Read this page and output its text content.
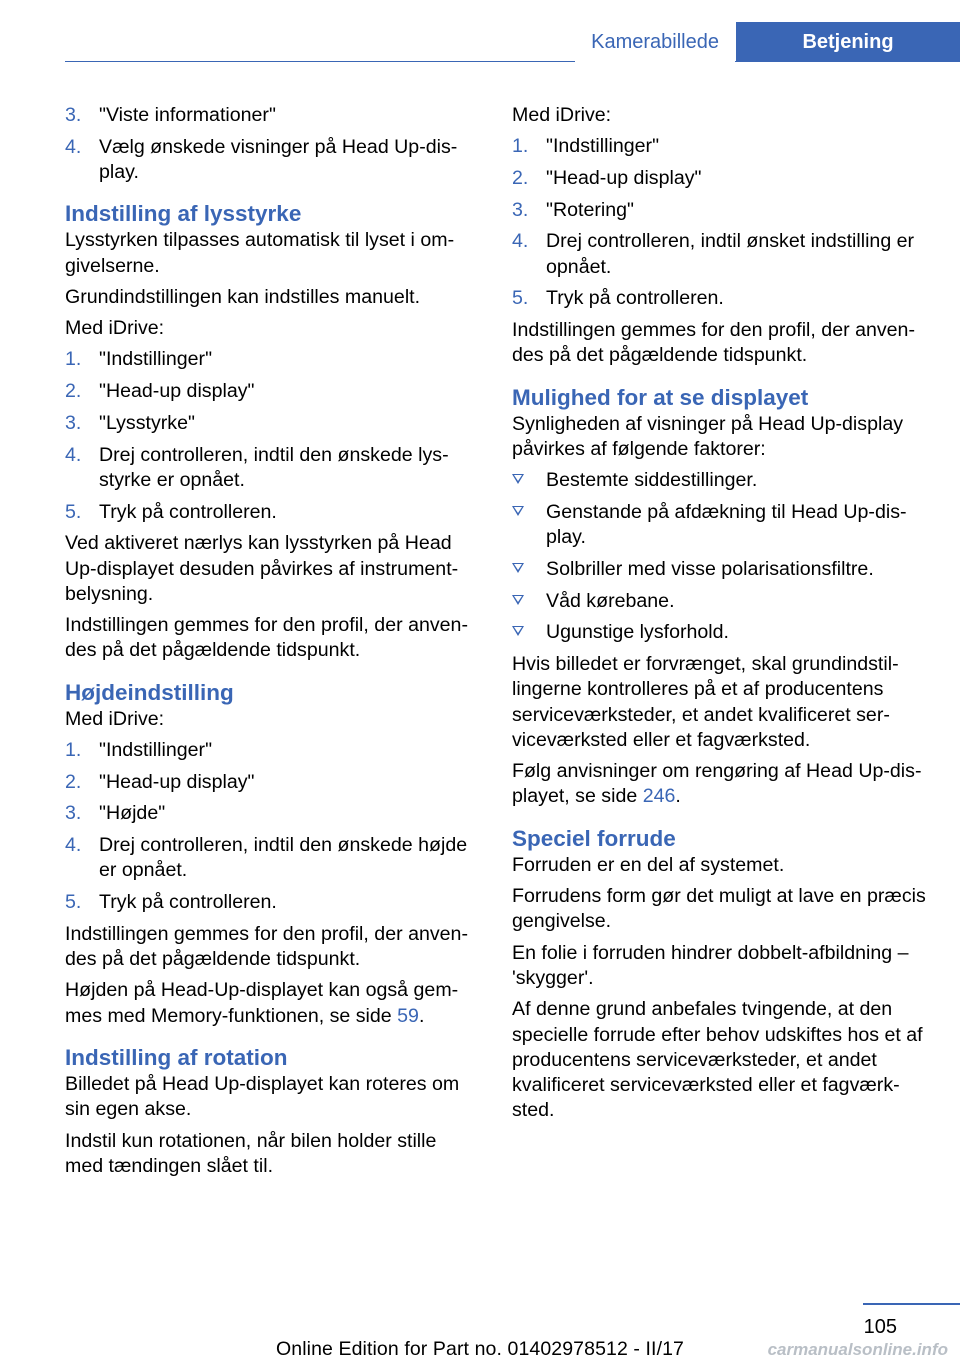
Kamerabillede	Betjening
3. "Viste informationer"
4. Vælg ønskede visninger på Head Up-display.
Indstilling af lysstyrke

Lysstyrken tilpasses automatisk til lyset i omgivelserne.

Grundindstillingen kan indstilles manuelt.

Med iDrive:

1. "Indstillinger"
2. "Head-up display"
3. "Lysstyrke"
4. Drej controlleren, indtil den ønskede lysstyrke er opnået.
5. Tryk på controlleren.

Ved aktiveret nærlys kan lysstyrken på Head Up-displayet desuden påvirkes af instrumentbelysning.

Indstillingen gemmes for den profil, der anvendes på det pågældende tidspunkt.

Højdeindstilling

Med iDrive:

1. "Indstillinger"
2. "Head-up display"
3. "Højde"
4. Drej controlleren, indtil den ønskede højde er opnået.
5. Tryk på controlleren.

Indstillingen gemmes for den profil, der anvendes på det pågældende tidspunkt.

Højden på Head-Up-displayet kan også gemmes med Memory-funktionen, se side 59.

Indstilling af rotation

Billedet på Head Up-displayet kan roteres om sin egen akse.

Indstil kun rotationen, når bilen holder stille med tændingen slået til.

Med iDrive:

1. "Indstillinger"
2. "Head-up display"
3. "Rotering"
4. Drej controlleren, indtil ønsket indstilling er opnået.
5. Tryk på controlleren.

Indstillingen gemmes for den profil, der anvendes på det pågældende tidspunkt.

Mulighed for at se displayet

Synligheden af visninger på Head Up-display påvirkes af følgende faktorer:

Bestemte siddestillinger.
Genstande på afdækning til Head Up-display.
Solbriller med visse polarisationsfiltre.
Våd kørebane.
Ugunstige lysforhold.

Hvis billedet er forvrænget, skal grundindstillingerne kontrolleres på et af producentens serviceværksteder, et andet kvalificeret serviceværksted eller et fagværksted.

Følg anvisninger om rengøring af Head Up-displayet, se side 246.

Speciel forrude

Forruden er en del af systemet.

Forrudens form gør det muligt at lave en præcis gengivelse.

En folie i forruden hindrer dobbelt-afbildning – 'skygger'.

Af denne grund anbefales tvingende, at den specielle forrude efter behov udskiftes hos et af producentens serviceværksteder, et andet kvalificeret serviceværksted eller et fagværksted.

105
Online Edition for Part no. 01402978512 - II/17	carmanualsonline.info
